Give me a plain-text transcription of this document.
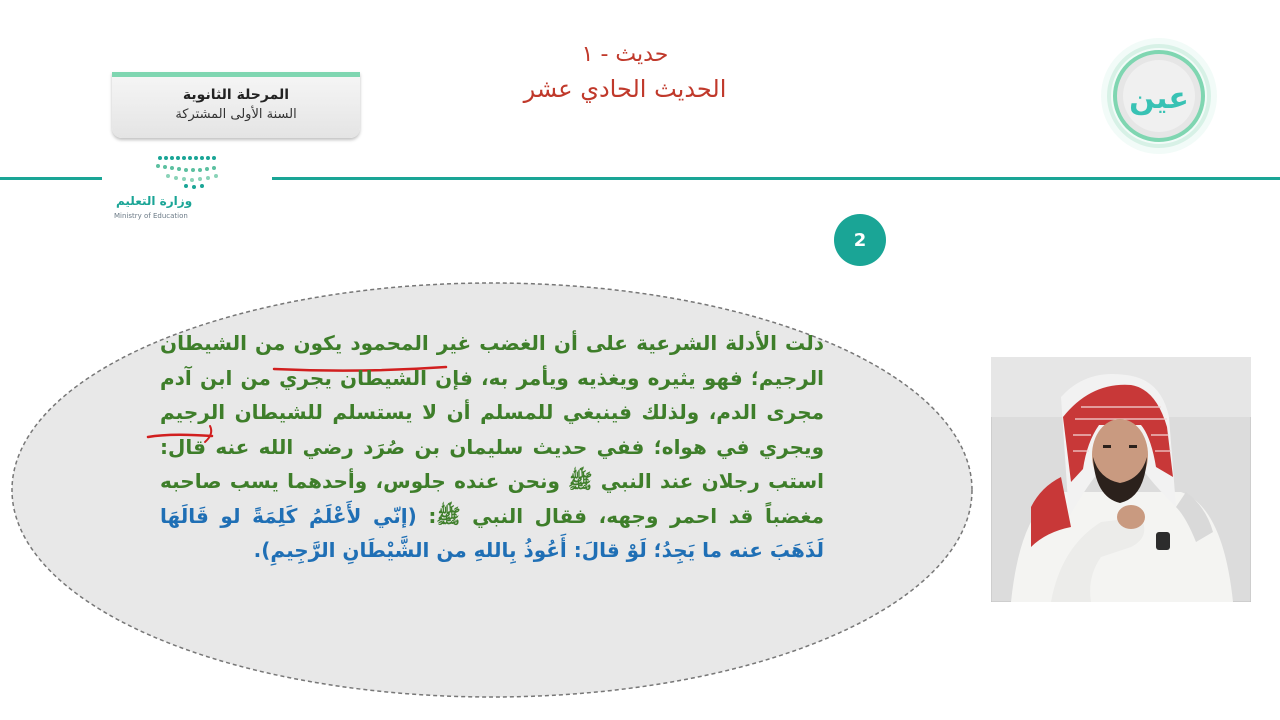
المرحلة الثانوية
السنة الأولى المشتركة
وزارة التعليم
Ministry of Education
حديث - ١
الحديث الحادي عشر	عين
2
دلت الأدلة الشرعية على أن الغضب غير المحمود يكون من الشيطان الرجيم؛ فهو يثيره ويغذيه ويأمر به، فإن الشيطان يجري من ابن آدم مجرى الدم، ولذلك فينبغي للمسلم أن لا يستسلم للشيطان الرجيم ويجري في هواه؛ ففي حديث سليمان بن صُرَد رضي الله عنه قال: استب رجلان عند النبي ﷺ ونحن عنده جلوس، وأحدهما يسب صاحبه مغضباً قد احمر وجهه، فقال النبي ﷺ: (إنّي لأَعْلَمُ كَلِمَةً لو قَالَهَا لَذَهَبَ عنه ما يَجِدُ؛ لَوْ قالَ: أَعُوذُ بِاللهِ من الشَّيْطَانِ الرَّجِيمِ).
